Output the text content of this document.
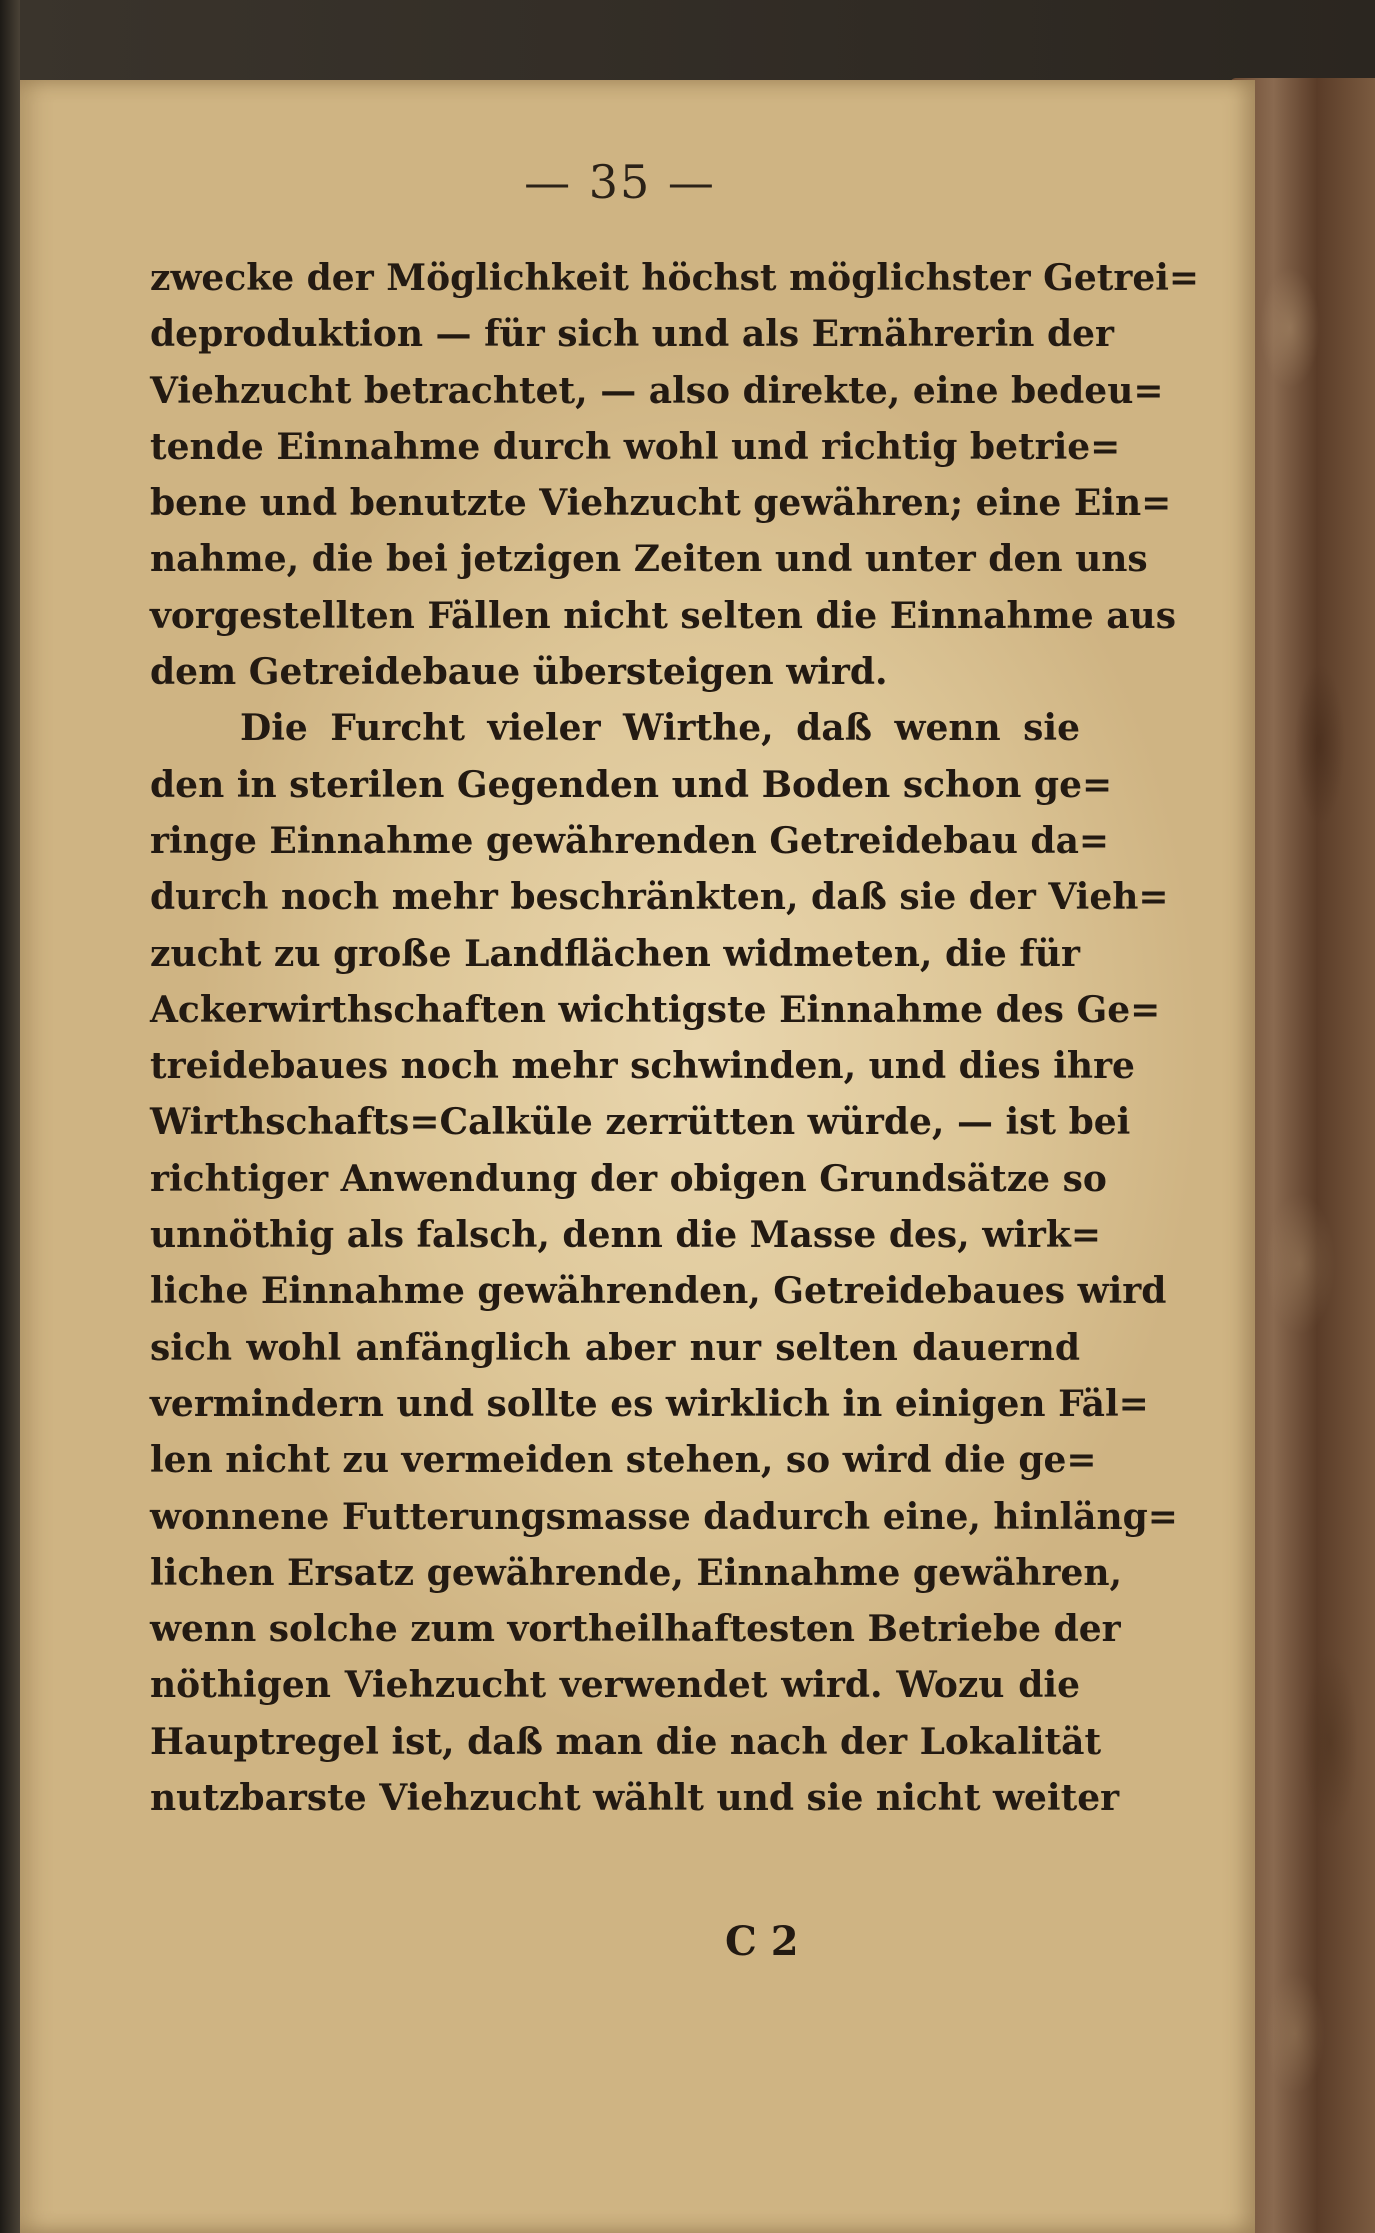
— 35 —
zwecke der Möglichkeit höchst möglichster Getrei=
deproduktion — für sich und als Ernährerin der
Viehzucht betrachtet, — also direkte, eine bedeu=
tende Einnahme durch wohl und richtig betrie=
bene und benutzte Viehzucht gewähren; eine Ein=
nahme, die bei jetzigen Zeiten und unter den uns
vorgestellten Fällen nicht selten die Einnahme aus
dem Getreidebaue übersteigen wird.
Die Furcht vieler Wirthe, daß wenn sie
den in sterilen Gegenden und Boden schon ge=
ringe Einnahme gewährenden Getreidebau da=
durch noch mehr beschränkten, daß sie der Vieh=
zucht zu große Landflächen widmeten, die für
Ackerwirthschaften wichtigste Einnahme des Ge=
treidebaues noch mehr schwinden, und dies ihre
Wirthschafts=Calküle zerrütten würde, — ist bei
richtiger Anwendung der obigen Grundsätze so
unnöthig als falsch, denn die Masse des, wirk=
liche Einnahme gewährenden, Getreidebaues wird
sich wohl anfänglich aber nur selten dauernd
vermindern und sollte es wirklich in einigen Fäl=
len nicht zu vermeiden stehen, so wird die ge=
wonnene Futterungsmasse dadurch eine, hinläng=
lichen Ersatz gewährende, Einnahme gewähren,
wenn solche zum vortheilhaftesten Betriebe der
nöthigen Viehzucht verwendet wird. Wozu die
Hauptregel ist, daß man die nach der Lokalität
nutzbarste Viehzucht wählt und sie nicht weiter
C 2
